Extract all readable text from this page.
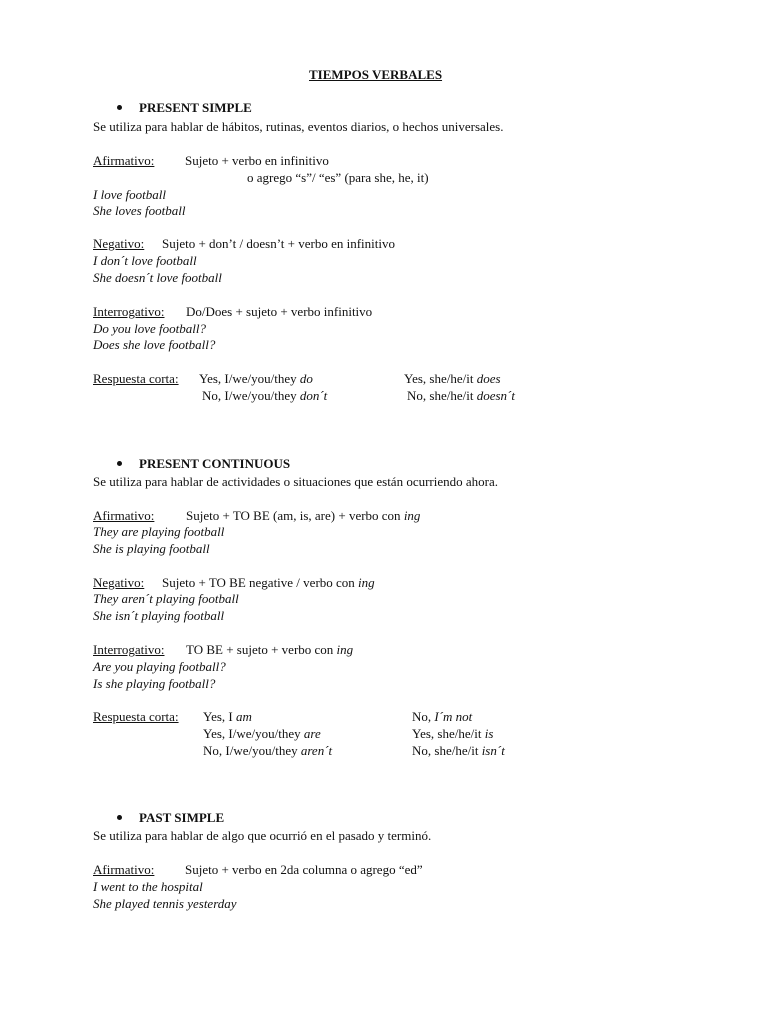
TIEMPOS VERBALES
PRESENT SIMPLE
Se utiliza para hablar de hábitos, rutinas, eventos diarios, o hechos universales.
Afirmativo: Sujeto + verbo en infinitivo
o agrego “s”/ “es” (para she, he, it)
I love football
She loves football
Negativo: Sujeto + don’t / doesn’t + verbo en infinitivo
I don´t love football
She doesn´t love football
Interrogativo: Do/Does + sujeto + verbo infinitivo
Do you love football?
Does she love football?
Respuesta corta: Yes, I/we/you/they do	Yes, she/he/it does
No, I/we/you/they don´t	No, she/he/it doesn´t
PRESENT CONTINUOUS
Se utiliza para hablar de actividades o situaciones que están ocurriendo ahora.
Afirmativo: Sujeto + TO BE (am, is, are) + verbo con ing
They are playing football
She is playing football
Negativo: Sujeto + TO BE negative / verbo con ing
They aren´t playing football
She isn´t playing football
Interrogativo: TO BE + sujeto + verbo con ing
Are you playing football?
Is she playing football?
Respuesta corta: Yes, I am	No, I´m not
Yes, I/we/you/they are	Yes, she/he/it is
No, I/we/you/they aren´t	No, she/he/it isn´t
PAST SIMPLE
Se utiliza para hablar de algo que ocurrió en el pasado y terminó.
Afirmativo: Sujeto + verbo en 2da columna o agrego “ed”
I went to the hospital
She played tennis yesterday
